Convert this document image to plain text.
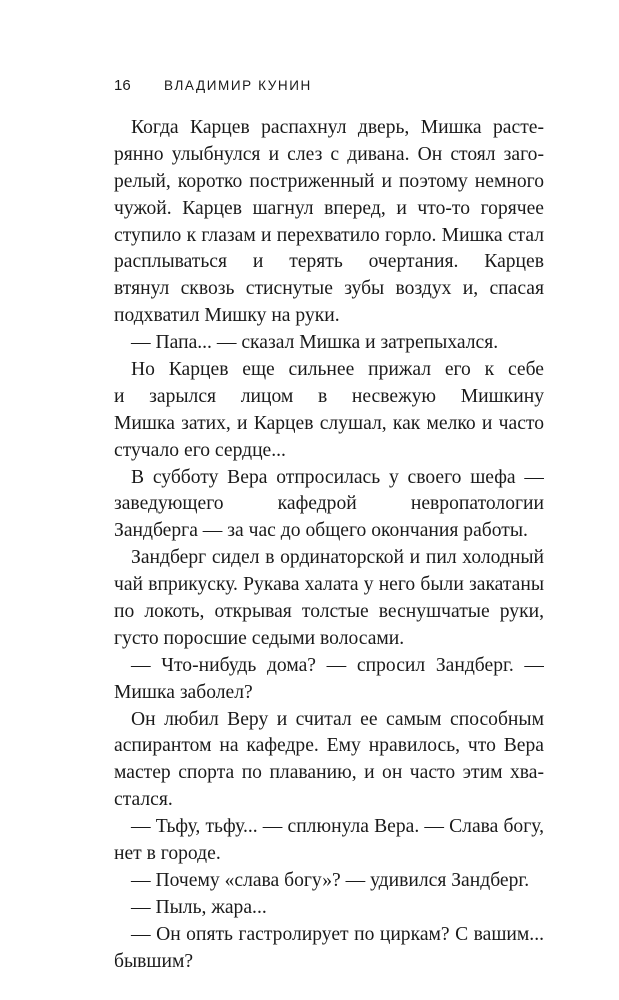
16 ВЛАДИМИР КУНИН
Когда Карцев распахнул дверь, Мишка расте-
рянно улыбнулся и слез с дивана. Он стоял заго-
релый, коротко постриженный и поэтому немного
чужой. Карцев шагнул вперед, и что-то горячее
ступило к глазам и перехватило горло. Мишка стал
расплываться и терять очертания. Карцев
втянул сквозь стиснутые зубы воздух и, спасая
подхватил Мишку на руки.
— Папа... — сказал Мишка и затрепыхался.
Но Карцев еще сильнее прижал его к себе
и зарылся лицом в несвежую Мишкину
Мишка затих, и Карцев слушал, как мелко и часто
стучало его сердце...
В субботу Вера отпросилась у своего шефа —
заведующего кафедрой невропатологии
Зандберга — за час до общего окончания работы.
Зандберг сидел в ординаторской и пил холодный
чай вприкуску. Рукава халата у него были закатаны
по локоть, открывая толстые веснушчатые руки,
густо поросшие седыми волосами.
— Что-нибудь дома? — спросил Зандберг. —
Мишка заболел?
Он любил Веру и считал ее самым способным
аспирантом на кафедре. Ему нравилось, что Вера
мастер спорта по плаванию, и он часто этим хва-
стался.
— Тьфу, тьфу... — сплюнула Вера. — Слава богу,
нет в городе.
— Почему «слава богу»? — удивился Зандберг.
— Пыль, жара...
— Он опять гастролирует по циркам? С вашим...
бывшим?
